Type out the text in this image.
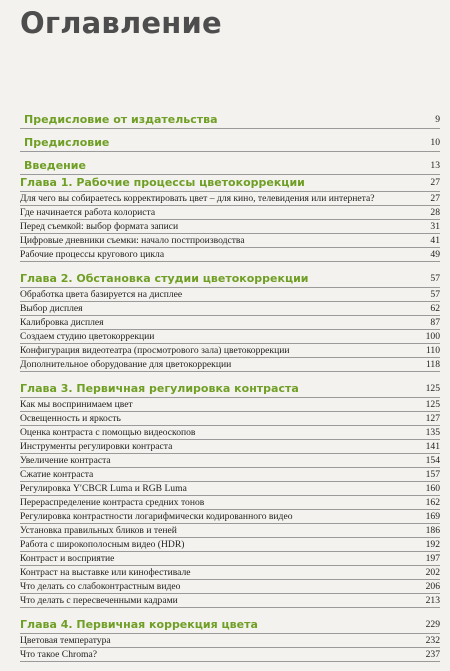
Оглавление
Предисловие от издательства	9
Предисловие	10
Введение	13
Глава 1. Рабочие процессы цветокоррекции	27
Для чего вы собираетесь корректировать цвет – для кино, телевидения или интернета?	27
Где начинается работа колориста	28
Перед съемкой: выбор формата записи	31
Цифровые дневники съемки: начало постпроизводства	41
Рабочие процессы кругового цикла	49
Глава 2. Обстановка студии цветокоррекции	57
Обработка цвета базируется на дисплее	57
Выбор дисплея	62
Калибровка дисплея	87
Создаем студию цветокоррекции	100
Конфигурация видеотеатра (просмотрового зала) цветокоррекции	110
Дополнительное оборудование для цветокоррекции	118
Глава 3. Первичная регулировка контраста	125
Как мы воспринимаем цвет	125
Освещенность и яркость	127
Оценка контраста с помощью видеоскопов	135
Инструменты регулировки контраста	141
Увеличение контраста	154
Сжатие контраста	157
Регулировка Y′CBCR Luma и RGB Luma	160
Перераспределение контраста средних тонов	162
Регулировка контрастности логарифмически кодированного видео	169
Установка правильных бликов и теней	186
Работа с широкополосным видео (HDR)	192
Контраст и восприятие	197
Контраст на выставке или кинофестивале	202
Что делать со слабоконтрастным видео	206
Что делать с пересвеченными кадрами	213
Глава 4. Первичная коррекция цвета	229
Цветовая температура	232
Что такое Chroma?	237
